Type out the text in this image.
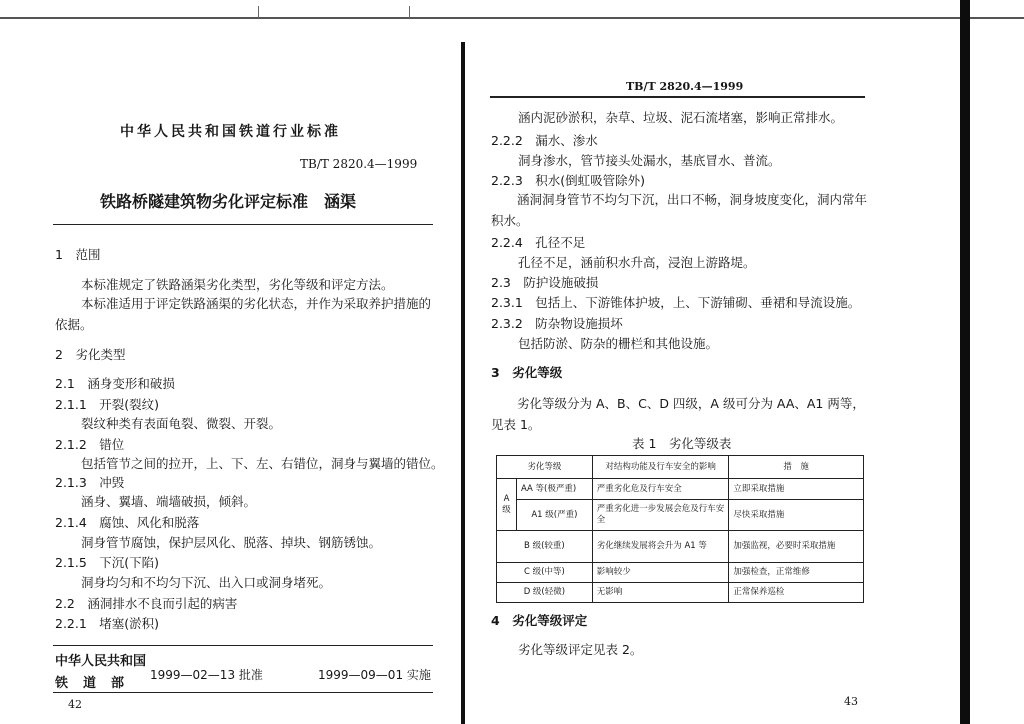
中华人民共和国铁道行业标准
TB/T 2820.4—1999
铁路桥隧建筑物劣化评定标准　涵渠
1　范围
本标准规定了铁路涵渠劣化类型，劣化等级和评定方法。
本标准适用于评定铁路涵渠的劣化状态，并作为采取养护措施的依据。
2　劣化类型
2.1　涵身变形和破损
2.1.1　开裂(裂纹)
裂纹种类有表面龟裂、微裂、开裂。
2.1.2　错位
包括管节之间的拉开，上、下、左、右错位，洞身与翼墙的错位。
2.1.3　冲毁
涵身、翼墙、端墙破损，倾斜。
2.1.4　腐蚀、风化和脱落
洞身管节腐蚀，保护层风化、脱落、掉块、钢筋锈蚀。
2.1.5　下沉(下陷)
洞身均匀和不均匀下沉、出入口或洞身堵死。
2.2　涵洞排水不良而引起的病害
2.2.1　堵塞(淤积)
中华人民共和国
铁　道　部
1999—02—13 批准	1999—09—01 实施
42
TB/T 2820.4—1999
涵内泥砂淤积，杂草、垃圾、泥石流堵塞，影响正常排水。
2.2.2　漏水、渗水
洞身渗水，管节接头处漏水，基底冒水、普流。
2.2.3　积水(倒虹吸管除外)
涵洞洞身管节不均匀下沉，出口不畅，洞身坡度变化，洞内常年积水。
2.2.4　孔径不足
孔径不足，涵前积水升高，浸泡上游路堤。
2.3　防护设施破损
2.3.1　包括上、下游锥体护坡，上、下游铺砌、垂裙和导流设施。
2.3.2　防杂物设施损坏
包括防淤、防杂的栅栏和其他设施。
3　劣化等级
劣化等级分为 A、B、C、D 四级，A 级可分为 AA、A1 两等，见表 1。
表 1　劣化等级表
劣化等级		对结构功能及行车安全的影响	措　施
A 级	AA 等(极严重)	严重劣化危及行车安全	立即采取措施
	A1 级(严重)	严重劣化进一步发展会危及行车安全	尽快采取措施
B 级(较重)		劣化继续发展将会升为 A1 等	加强监视，必要时采取措施
C 级(中等)		影响较少	加强检查，正常维修
D 级(轻微)		无影响	正常保养巡检
4　劣化等级评定
劣化等级评定见表 2。
43
